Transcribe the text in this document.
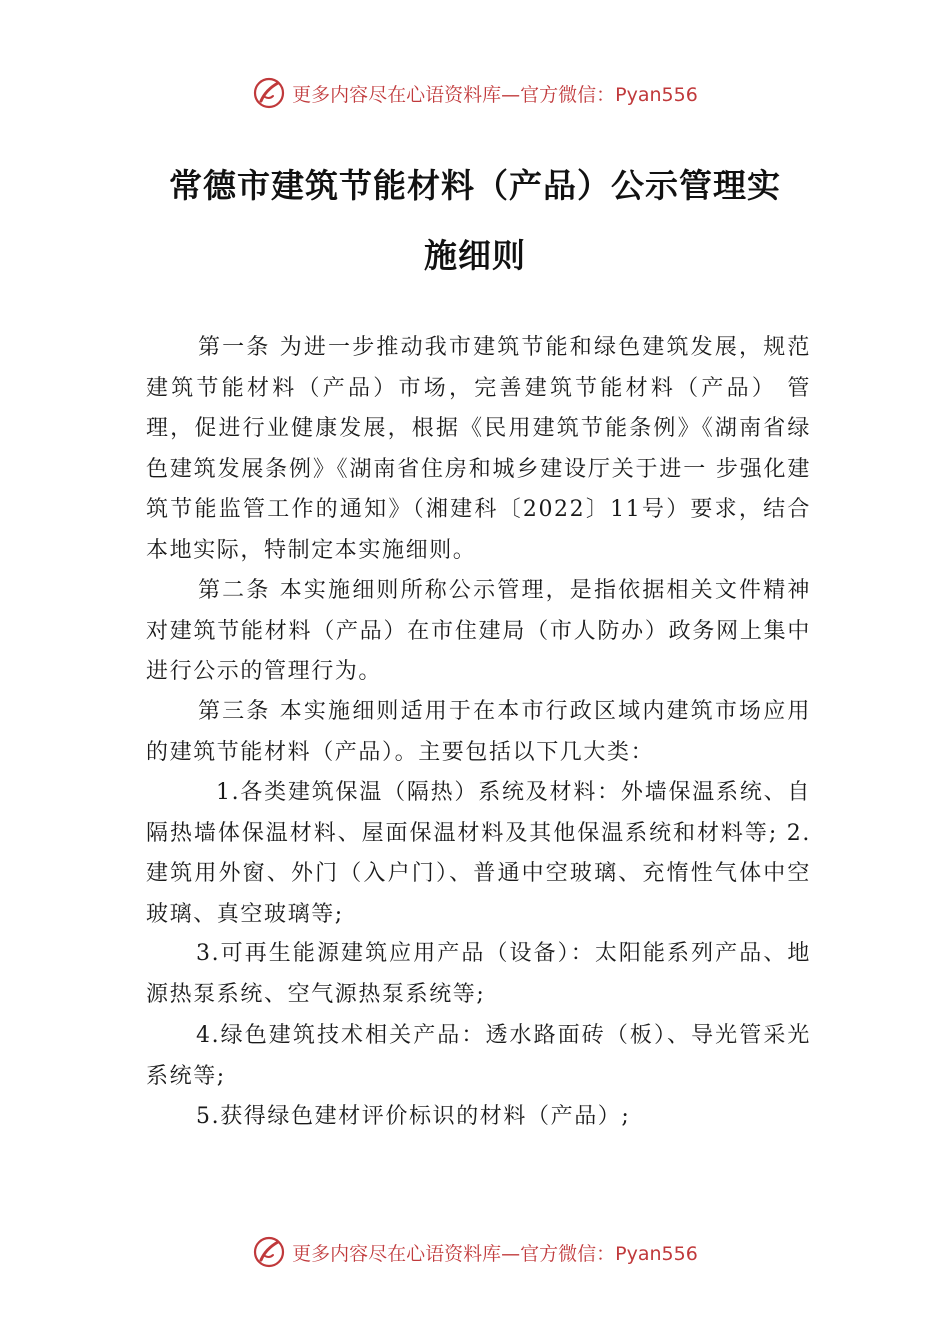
更多内容尽在心语资料库—官方微信：Pyan556
常德市建筑节能材料（产品）公示管理实
施细则
第一条 为进一步推动我市建筑节能和绿色建筑发展，规范建筑节能材料（产品）市场，完善建筑节能材料（产品） 管理，促进行业健康发展，根据《民用建筑节能条例》《湖南省绿色建筑发展条例》《湖南省住房和城乡建设厅关于进一 步强化建筑节能监管工作的通知》（湘建科〔2022〕11号）要求，结合本地实际，特制定本实施细则。
第二条 本实施细则所称公示管理，是指依据相关文件精神对建筑节能材料（产品）在市住建局（市人防办）政务网上集中进行公示的管理行为。
第三条 本实施细则适用于在本市行政区域内建筑市场应用的建筑节能材料（产品）。主要包括以下几大类：
1.各类建筑保温（隔热）系统及材料：外墙保温系统、自隔热墙体保温材料、屋面保温材料及其他保温系统和材料等; 2.建筑用外窗、外门（入户门）、普通中空玻璃、充惰性气体中空玻璃、真空玻璃等;
3.可再生能源建筑应用产品（设备）：太阳能系列产品、地源热泵系统、空气源热泵系统等;
4.绿色建筑技术相关产品：透水路面砖（板）、导光管采光系统等;
5.获得绿色建材评价标识的材料（产品）;
更多内容尽在心语资料库—官方微信：Pyan556
